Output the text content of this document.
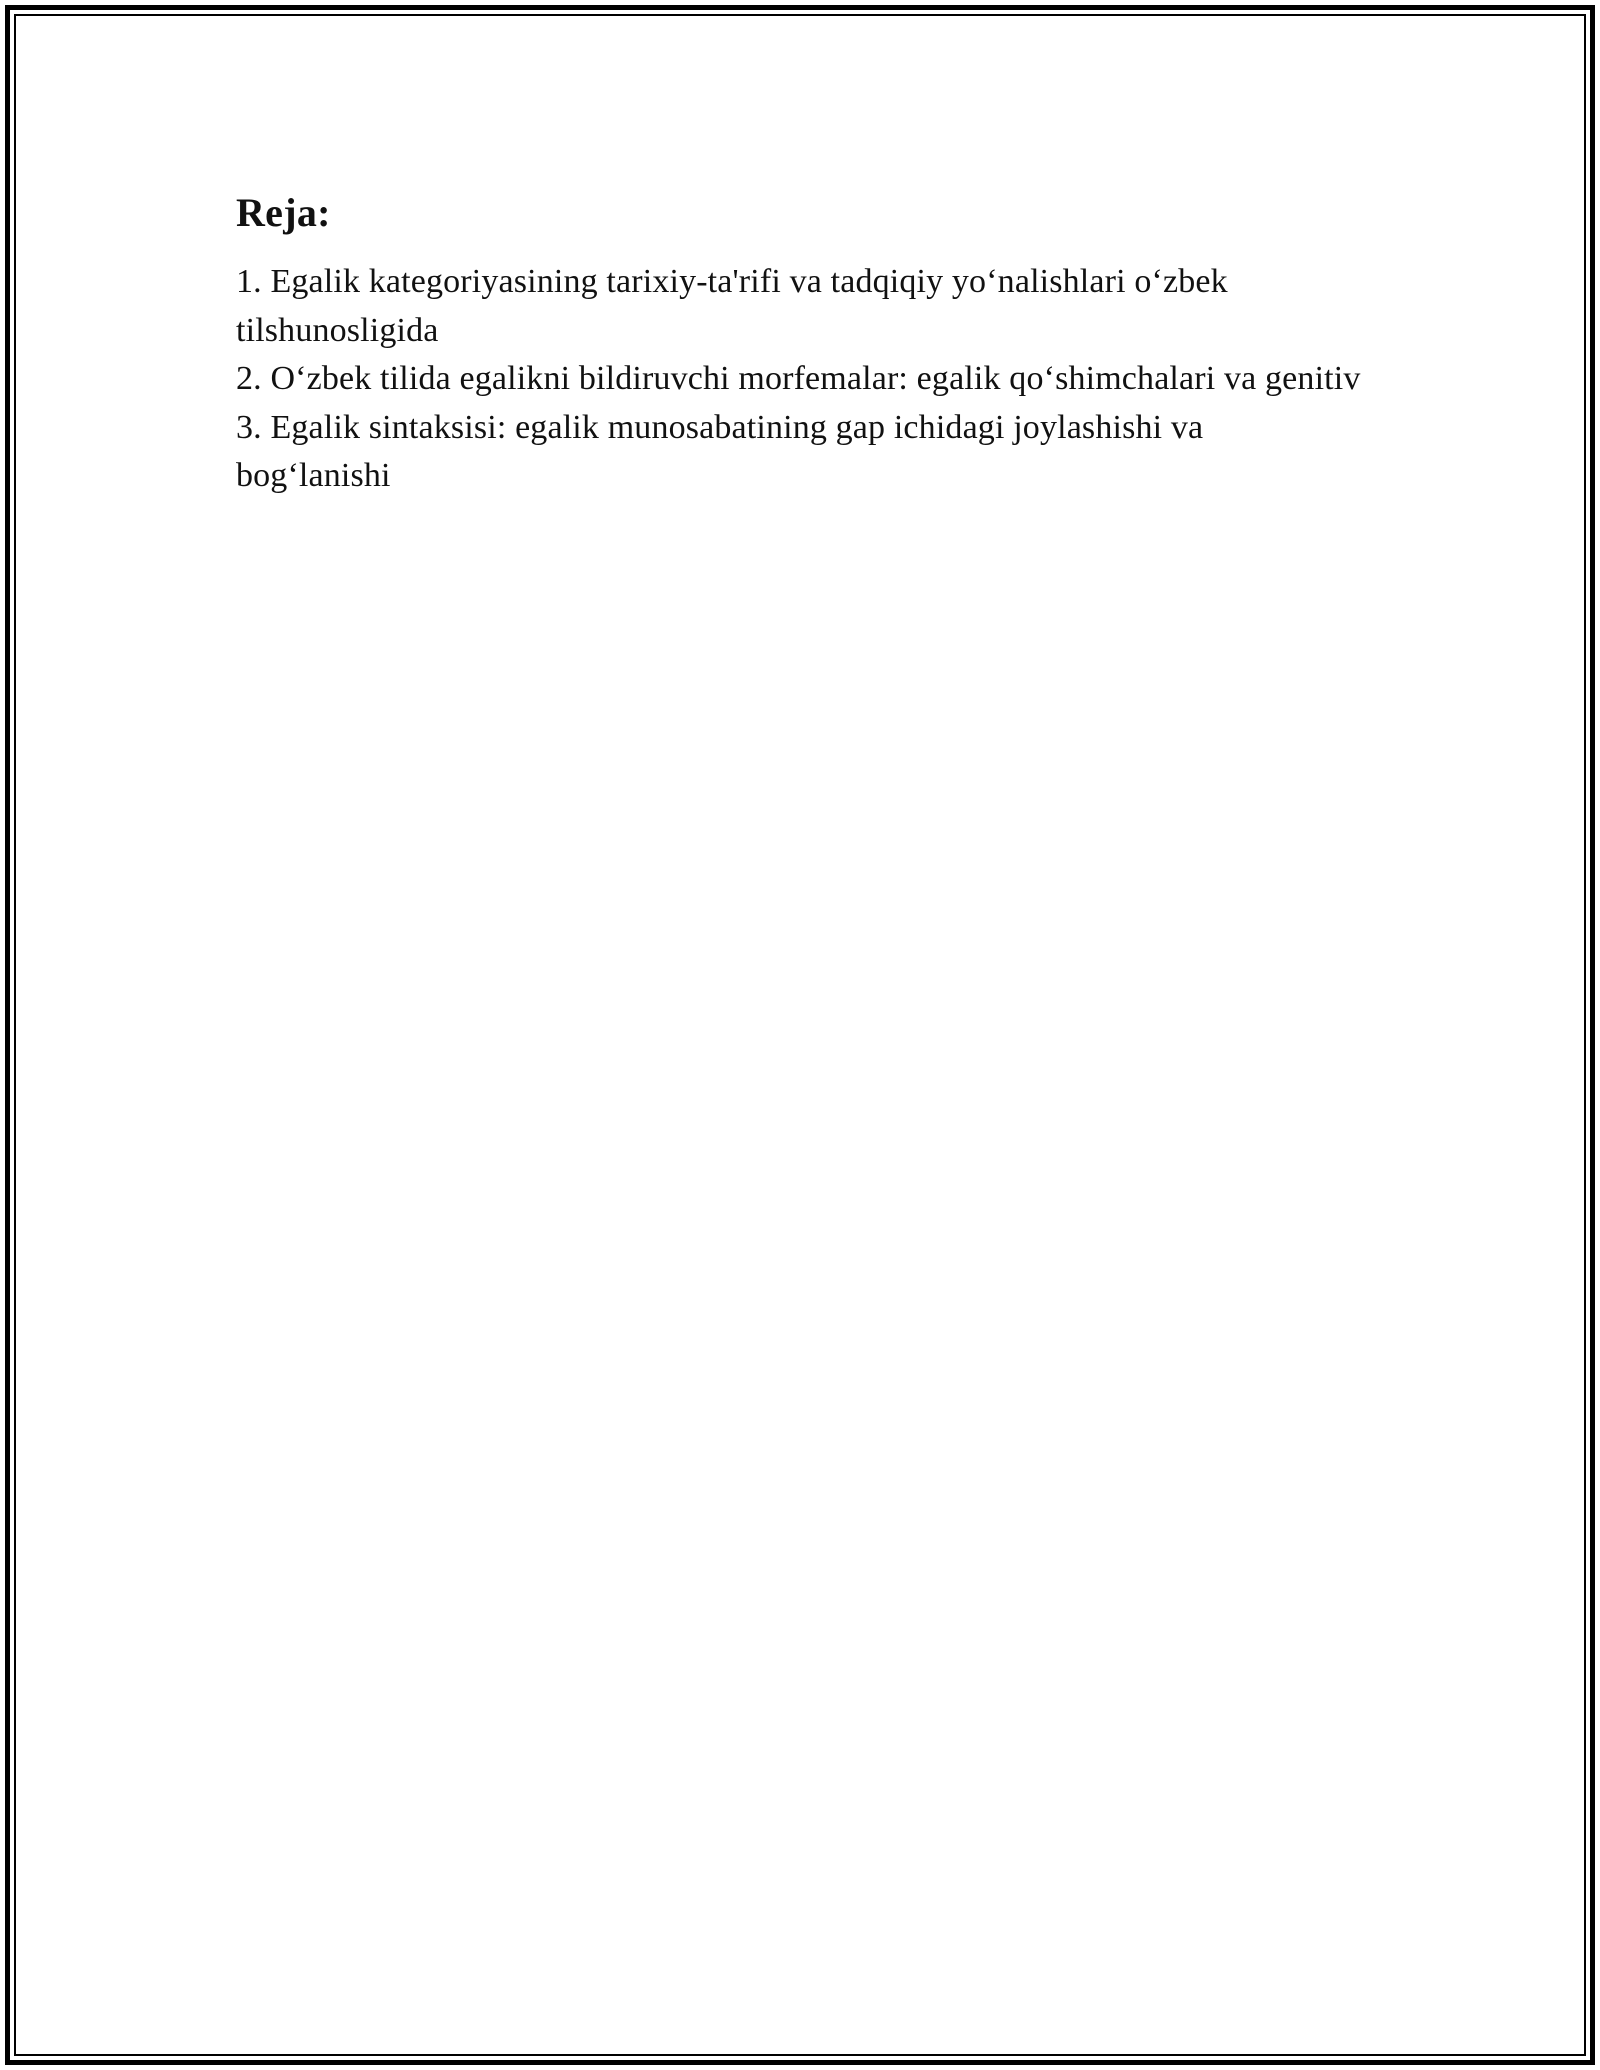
Reja:
1. Egalik kategoriyasining tarixiy-ta'rifi va tadqiqiy yo‘nalishlari o‘zbek tilshunosligida
2. O‘zbek tilida egalikni bildiruvchi morfemalar: egalik qo‘shimchalari va genitiv
3. Egalik sintaksisi: egalik munosabatining gap ichidagi joylashishi va bog‘lanishi
